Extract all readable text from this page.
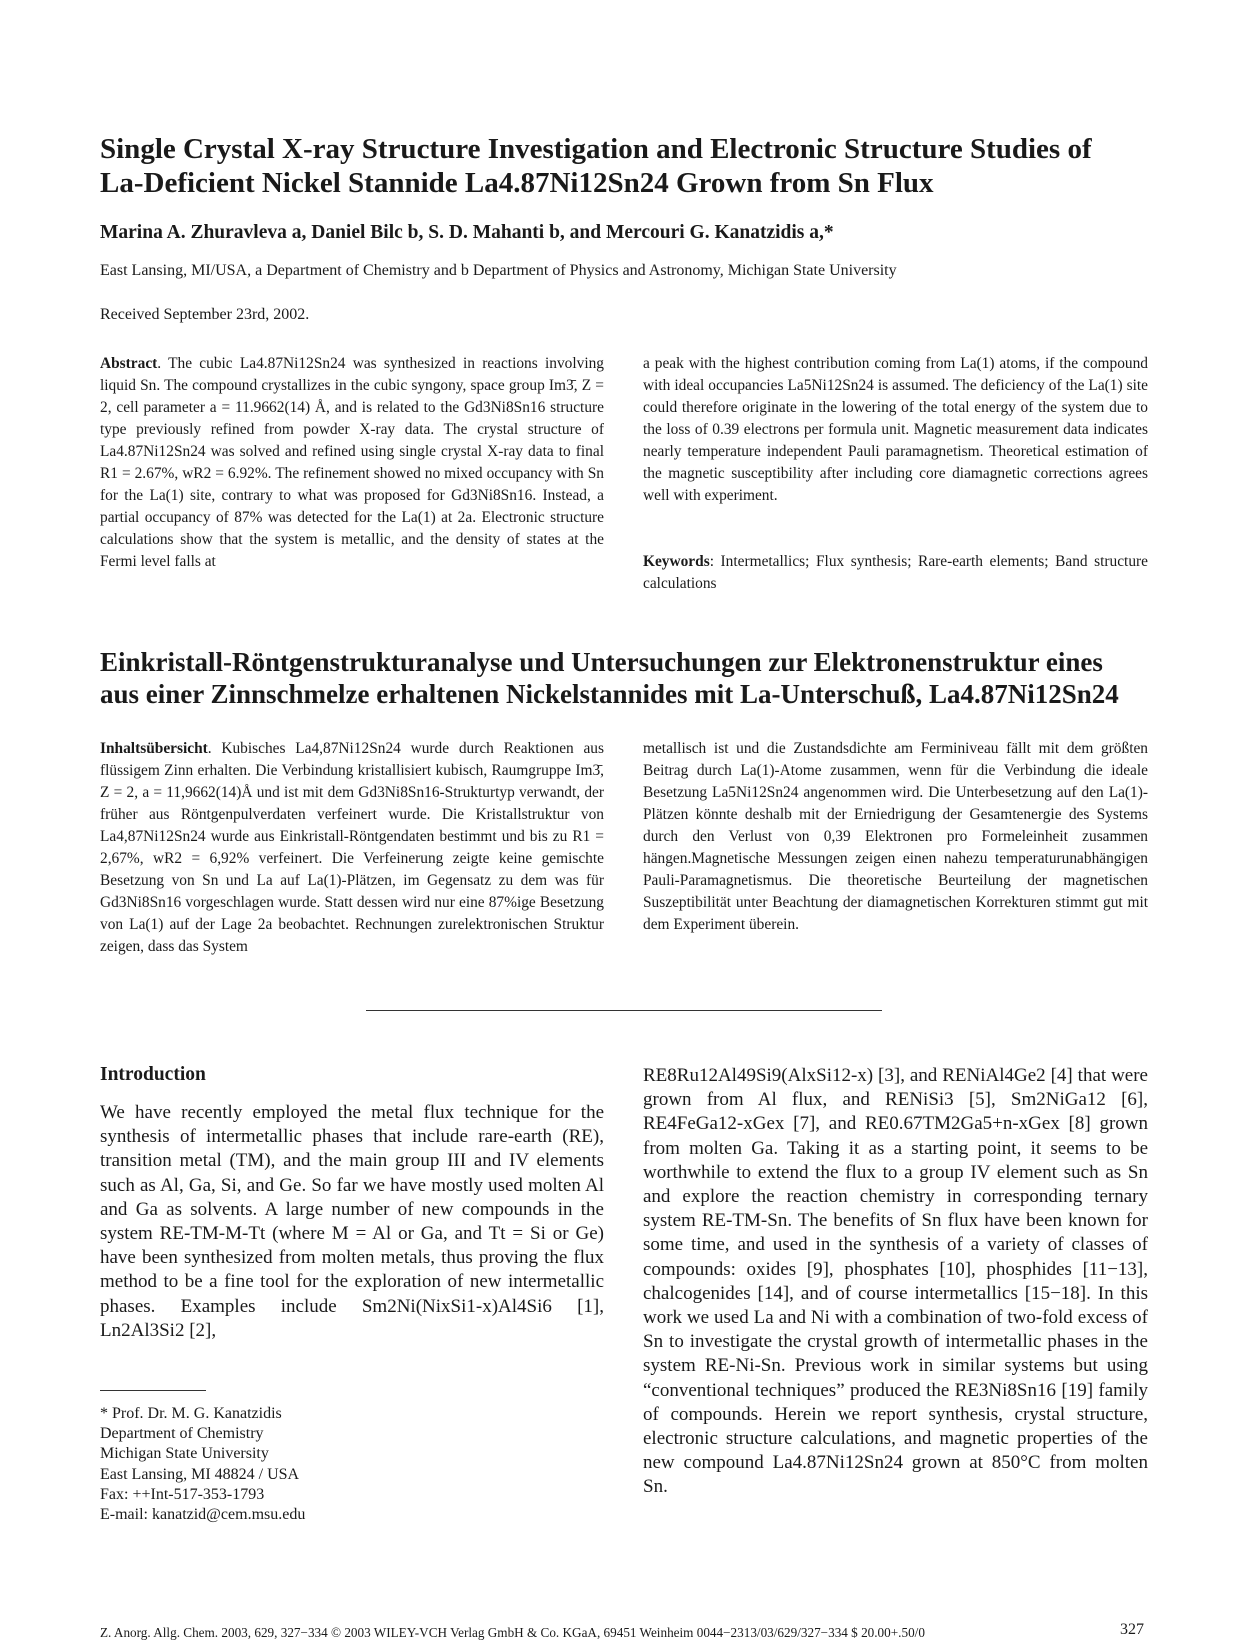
Single Crystal X-ray Structure Investigation and Electronic Structure Studies of
La-Deficient Nickel Stannide La4.87Ni12Sn24 Grown from Sn Flux
Marina A. Zhuravleva a, Daniel Bilc b, S. D. Mahanti b, and Mercouri G. Kanatzidis a,*
East Lansing, MI/USA, a Department of Chemistry and b Department of Physics and Astronomy, Michigan State University
Received September 23rd, 2002.
Abstract. The cubic La4.87Ni12Sn24 was synthesized in reactions involving liquid Sn. The compound crystallizes in the cubic syngony, space group Im3̄, Z = 2, cell parameter a = 11.9662(14) Å, and is related to the Gd3Ni8Sn16 structure type previously refined from powder X-ray data. The crystal structure of La4.87Ni12Sn24 was solved and refined using single crystal X-ray data to final R1 = 2.67%, wR2 = 6.92%. The refinement showed no mixed occupancy with Sn for the La(1) site, contrary to what was proposed for Gd3Ni8Sn16. Instead, a partial occupancy of 87% was detected for the La(1) at 2a. Electronic structure calculations show that the system is metallic, and the density of states at the Fermi level falls at
a peak with the highest contribution coming from La(1) atoms, if the compound with ideal occupancies La5Ni12Sn24 is assumed. The deficiency of the La(1) site could therefore originate in the lowering of the total energy of the system due to the loss of 0.39 electrons per formula unit. Magnetic measurement data indicates nearly temperature independent Pauli paramagnetism. Theoretical estimation of the magnetic susceptibility after including core diamagnetic corrections agrees well with experiment.
Keywords: Intermetallics; Flux synthesis; Rare-earth elements; Band structure calculations
Einkristall-Röntgenstrukturanalyse und Untersuchungen zur Elektronenstruktur eines
aus einer Zinnschmelze erhaltenen Nickelstannides mit La-Unterschuß, La4.87Ni12Sn24
Inhaltsübersicht. Kubisches La4,87Ni12Sn24 wurde durch Reaktionen aus flüssigem Zinn erhalten. Die Verbindung kristallisiert kubisch, Raumgruppe Im3̄, Z = 2, a = 11,9662(14)Å und ist mit dem Gd3Ni8Sn16-Strukturtyp verwandt, der früher aus Röntgenpulverdaten verfeinert wurde. Die Kristallstruktur von La4,87Ni12Sn24 wurde aus Einkristall-Röntgendaten bestimmt und bis zu R1 = 2,67%, wR2 = 6,92% verfeinert. Die Verfeinerung zeigte keine gemischte Besetzung von Sn und La auf La(1)-Plätzen, im Gegensatz zu dem was für Gd3Ni8Sn16 vorgeschlagen wurde. Statt dessen wird nur eine 87%ige Besetzung von La(1) auf der Lage 2a beobachtet. Rechnungen zurelektronischen Struktur zeigen, dass das System
metallisch ist und die Zustandsdichte am Ferminiveau fällt mit dem größten Beitrag durch La(1)-Atome zusammen, wenn für die Verbindung die ideale Besetzung La5Ni12Sn24 angenommen wird. Die Unterbesetzung auf den La(1)-Plätzen könnte deshalb mit der Erniedrigung der Gesamtenergie des Systems durch den Verlust von 0,39 Elektronen pro Formeleinheit zusammen hängen.Magnetische Messungen zeigen einen nahezu temperaturunabhängigen Pauli-Paramagnetismus. Die theoretische Beurteilung der magnetischen Suszeptibilität unter Beachtung der diamagnetischen Korrekturen stimmt gut mit dem Experiment überein.
Introduction
We have recently employed the metal flux technique for the synthesis of intermetallic phases that include rare-earth (RE), transition metal (TM), and the main group III and IV elements such as Al, Ga, Si, and Ge. So far we have mostly used molten Al and Ga as solvents. A large number of new compounds in the system RE-TM-M-Tt (where M = Al or Ga, and Tt = Si or Ge) have been synthesized from molten metals, thus proving the flux method to be a fine tool for the exploration of new intermetallic phases. Examples include Sm2Ni(NixSi1-x)Al4Si6 [1], Ln2Al3Si2 [2],
RE8Ru12Al49Si9(AlxSi12-x) [3], and RENiAl4Ge2 [4] that were grown from Al flux, and RENiSi3 [5], Sm2NiGa12 [6], RE4FeGa12-xGex [7], and RE0.67TM2Ga5+n-xGex [8] grown from molten Ga. Taking it as a starting point, it seems to be worthwhile to extend the flux to a group IV element such as Sn and explore the reaction chemistry in corresponding ternary system RE-TM-Sn. The benefits of Sn flux have been known for some time, and used in the synthesis of a variety of classes of compounds: oxides [9], phosphates [10], phosphides [11−13], chalcogenides [14], and of course intermetallics [15−18]. In this work we used La and Ni with a combination of two-fold excess of Sn to investigate the crystal growth of intermetallic phases in the system RE-Ni-Sn. Previous work in similar systems but using “conventional techniques” produced the RE3Ni8Sn16 [19] family of compounds. Herein we report synthesis, crystal structure, electronic structure calculations, and magnetic properties of the new compound La4.87Ni12Sn24 grown at 850°C from molten Sn.
* Prof. Dr. M. G. Kanatzidis
Department of Chemistry
Michigan State University
East Lansing, MI 48824 / USA
Fax: ++Int-517-353-1793
E-mail: kanatzid@cem.msu.edu
Z. Anorg. Allg. Chem. 2003, 629, 327−334 © 2003 WILEY-VCH Verlag GmbH & Co. KGaA, 69451 Weinheim 0044−2313/03/629/327−334 $ 20.00+.50/0	327
